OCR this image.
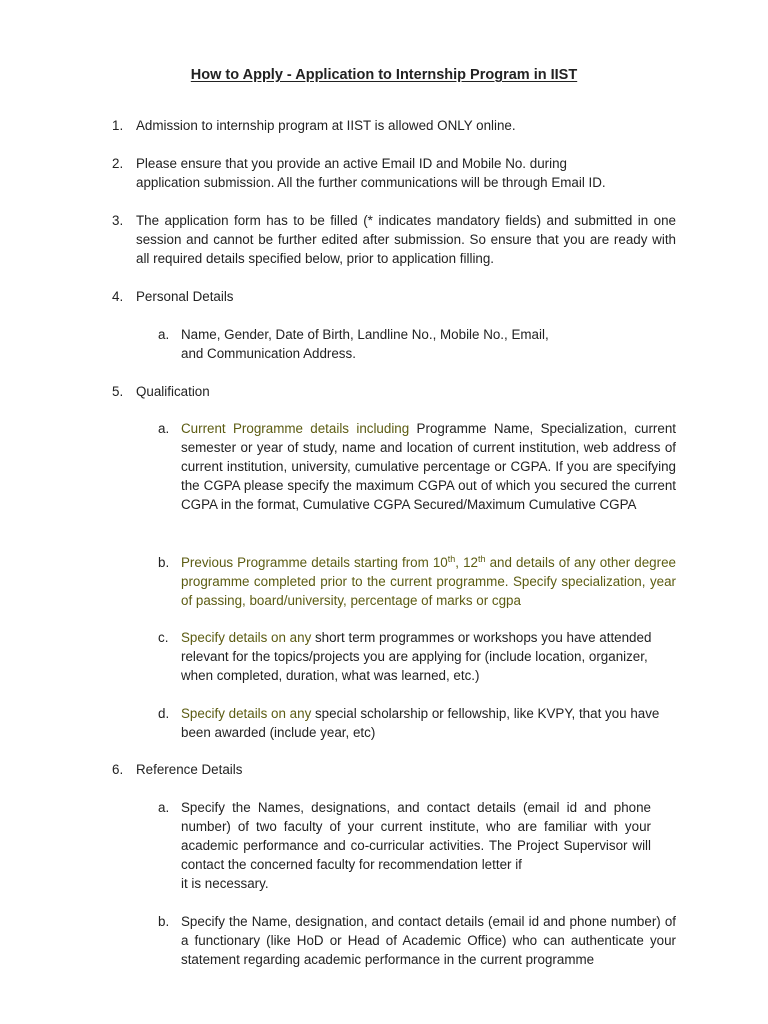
How to Apply - Application to Internship Program in IIST
1. Admission to internship program at IIST is allowed ONLY online.
2. Please ensure that you provide an active Email ID and Mobile No. during
application submission. All the further communications will be through Email ID.
3. The application form has to be filled (* indicates mandatory fields) and submitted in one session and cannot be further edited after submission. So ensure that you are ready with all required details specified below, prior to application filling.
4. Personal Details
a. Name, Gender, Date of Birth, Landline No., Mobile No., Email,
and Communication Address.
5. Qualification
a. Current Programme details including Programme Name, Specialization, current semester or year of study, name and location of current institution, web address of current institution, university, cumulative percentage or CGPA. If you are specifying the CGPA please specify the maximum CGPA out of which you secured the current CGPA in the format, Cumulative CGPA Secured/Maximum Cumulative CGPA
b. Previous Programme details starting from 10th, 12th and details of any other degree programme completed prior to the current programme. Specify specialization, year of passing, board/university, percentage of marks or cgpa
c. Specify details on any short term programmes or workshops you have attended relevant for the topics/projects you are applying for (include location, organizer, when completed, duration, what was learned, etc.)
d. Specify details on any special scholarship or fellowship, like KVPY, that you have
been awarded (include year, etc)
6. Reference Details
a. Specify the Names, designations, and contact details (email id and phone number) of two faculty of your current institute, who are familiar with your academic performance and co-curricular activities. The Project Supervisor will contact the concerned faculty for recommendation letter if
it is necessary.
b. Specify the Name, designation, and contact details (email id and phone number) of a functionary (like HoD or Head of Academic Office) who can authenticate your statement regarding academic performance in the current programme
